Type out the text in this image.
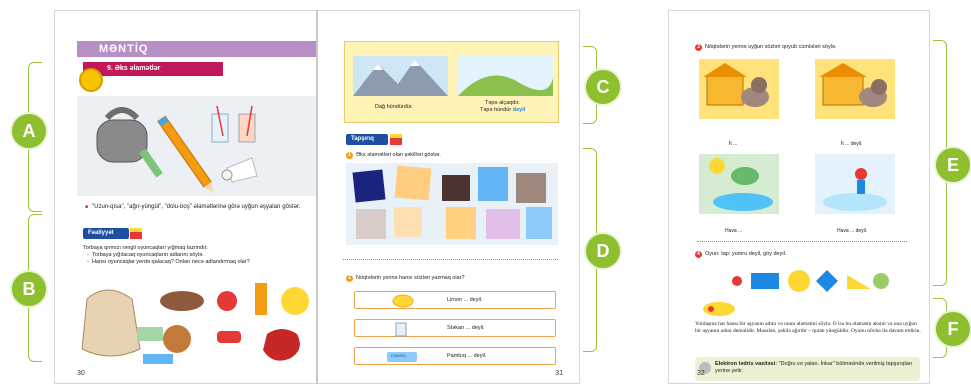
MƏNTİQ
9. Əks əlamətlər
■ "Uzun-qısa", "ağır-yüngül", "dolu-boş" əlamətlərinə görə uyğun əşyaları göstər.
Fəaliyyət
Torbaya qırmızı rəngli oyuncaqları yığmaq lazımdır.
• Torbaya yığılacaq oyuncaqların adlarını söylə.
• Hansı oyuncaqlar yerdə qalacaq? Onları necə adlandırmaq olar?
30
Dağ hündürdür.
Təpə alçaqdır.
Təpə hündür deyil
Tapşırıq
1 Əks əlamətləri olan şəkilləri göstər.
2 Nöqtələrin yerinə hansı sözləri yazmaq olar?
Limon ... deyil.
Stəkan ... deyil.
PAMBIQ	Pambıq ... deyil.
31
3 Nöqtələrin yerinə uyğun sözləri qoyub cümlələri söylə.
İt ...	İt ... deyil.
Hava ...	Hava ... deyil.
4 Oyun: tap: yumru deyil, göy deyil.
Yoldaşına hər hansı bir əşyanın adını və onun əlamətini söylə. O isə bu əlamətin əksini və ona uyğun bir əşyanın adını deməlidir. Məsələn, şəkilə ağırdır – qutan yüngüldür. Oyunu növbə ilə davam etdirin.
Elektron tədris vasitəsi: "Doğru və yalan. İnkar" bölməsində verilmiş tapşırıqları yerinə yetir.
32
A
B
C
D
E
F
